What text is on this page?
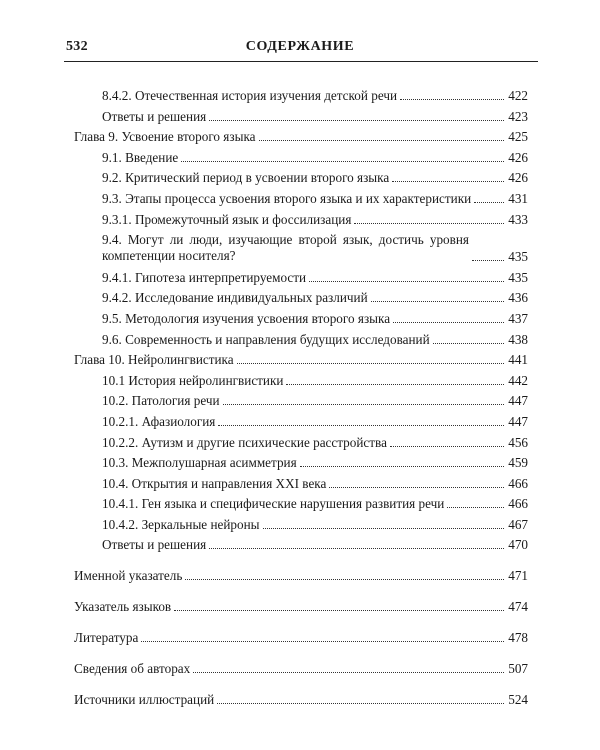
532	СОДЕРЖАНИЕ
8.4.2. Отечественная история изучения детской речи	422
Ответы и решения	423
Глава 9. Усвоение второго языка	425
9.1. Введение	426
9.2. Критический период в усвоении второго языка	426
9.3. Этапы процесса усвоения второго языка и их характеристики	431
9.3.1. Промежуточный язык и фоссилизация	433
9.4. Могут ли люди, изучающие второй язык, достичь уровня компетенции носителя?	435
9.4.1. Гипотеза интерпретируемости	435
9.4.2. Исследование индивидуальных различий	436
9.5. Методология изучения усвоения второго языка	437
9.6. Современность и направления будущих исследований	438
Глава 10. Нейролингвистика	441
10.1 История нейролингвистики	442
10.2. Патология речи	447
10.2.1. Афазиология	447
10.2.2. Аутизм и другие психические расстройства	456
10.3. Межполушарная асимметрия	459
10.4. Открытия и направления XXI века	466
10.4.1. Ген языка и специфические нарушения развития речи	466
10.4.2. Зеркальные нейроны	467
Ответы и решения	470
Именной указатель	471
Указатель языков	474
Литература	478
Сведения об авторах	507
Источники иллюстраций	524
